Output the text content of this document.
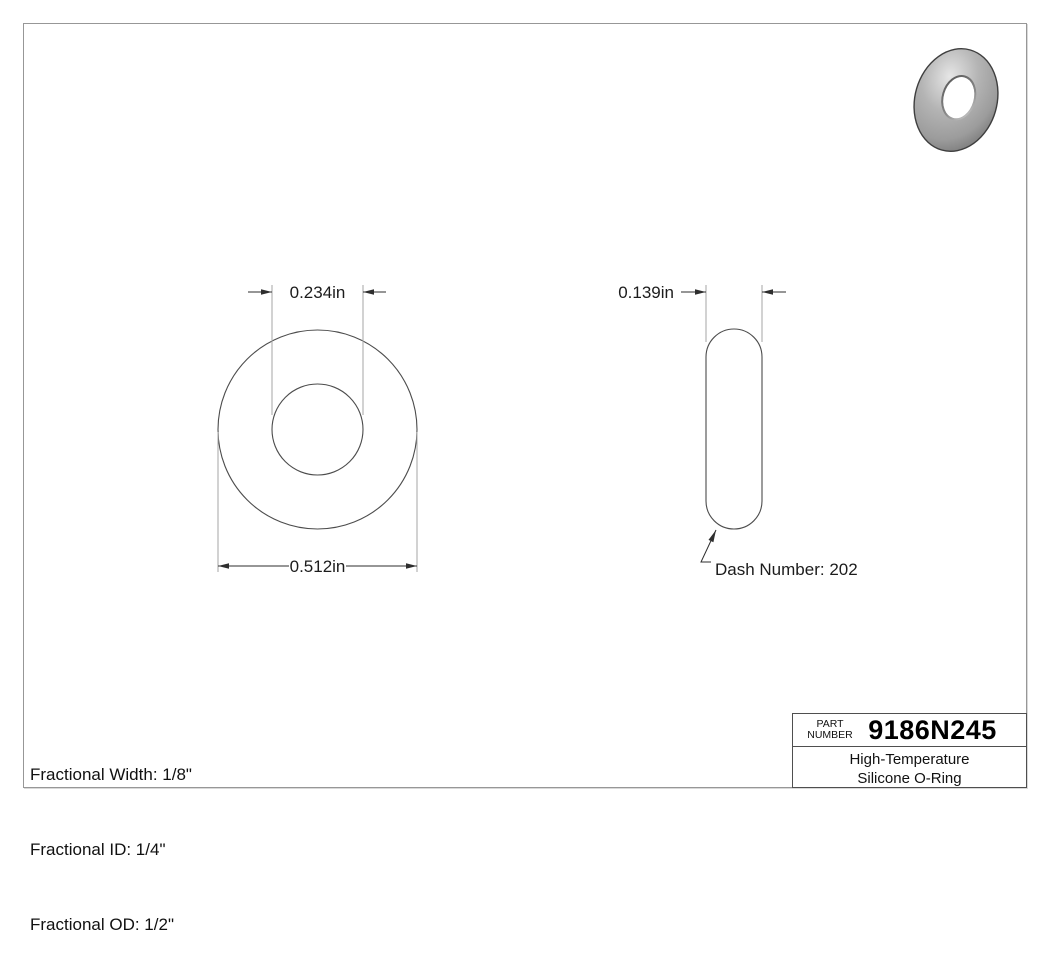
0.234in
0.512in
0.139in
Dash Number: 202

Fractional Width: 1/8"

Fractional ID: 1/4"

Fractional OD: 1/2"

PART
NUMBER 9186N245
High-Temperature
Silicone O-Ring
